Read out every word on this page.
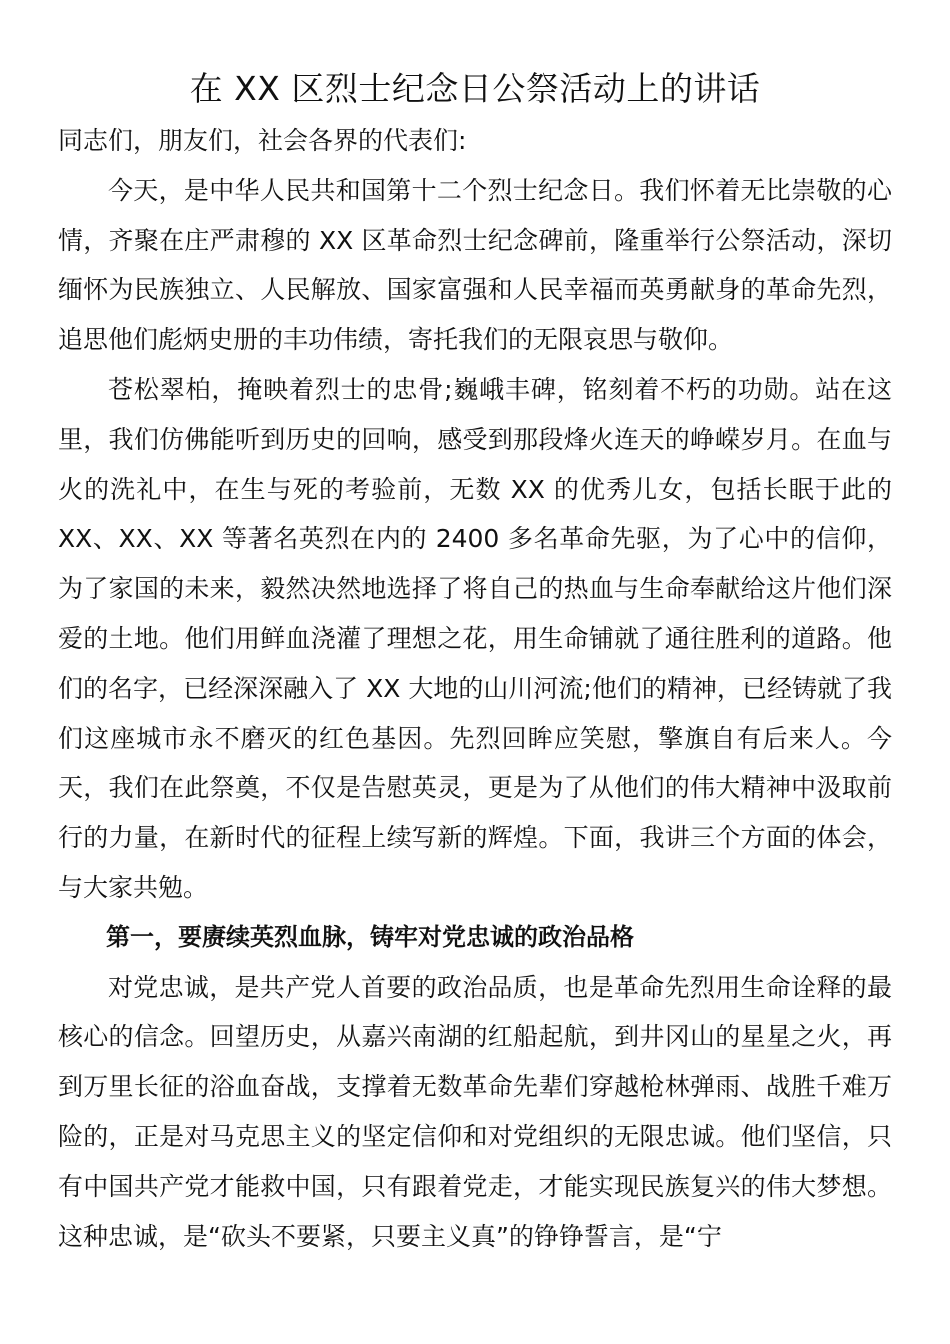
在 XX 区烈士纪念日公祭活动上的讲话

同志们，朋友们，社会各界的代表们:

今天，是中华人民共和国第十二个烈士纪念日。我们怀着无比崇敬的心情，齐聚在庄严肃穆的 XX 区革命烈士纪念碑前，隆重举行公祭活动，深切缅怀为民族独立、人民解放、国家富强和人民幸福而英勇献身的革命先烈，追思他们彪炳史册的丰功伟绩，寄托我们的无限哀思与敬仰。

苍松翠柏，掩映着烈士的忠骨;巍峨丰碑，铭刻着不朽的功勋。站在这里，我们仿佛能听到历史的回响，感受到那段烽火连天的峥嵘岁月。在血与火的洗礼中，在生与死的考验前，无数 XX 的优秀儿女，包括长眠于此的 XX、XX、XX 等著名英烈在内的 2400 多名革命先驱，为了心中的信仰，为了家国的未来，毅然决然地选择了将自己的热血与生命奉献给这片他们深爱的土地。他们用鲜血浇灌了理想之花，用生命铺就了通往胜利的道路。他们的名字，已经深深融入了 XX 大地的山川河流;他们的精神，已经铸就了我们这座城市永不磨灭的红色基因。先烈回眸应笑慰，擎旗自有后来人。今天，我们在此祭奠，不仅是告慰英灵，更是为了从他们的伟大精神中汲取前行的力量，在新时代的征程上续写新的辉煌。下面，我讲三个方面的体会，与大家共勉。

第一，要赓续英烈血脉，铸牢对党忠诚的政治品格

对党忠诚，是共产党人首要的政治品质，也是革命先烈用生命诠释的最核心的信念。回望历史，从嘉兴南湖的红船起航，到井冈山的星星之火，再到万里长征的浴血奋战，支撑着无数革命先辈们穿越枪林弹雨、战胜千难万险的，正是对马克思主义的坚定信仰和对党组织的无限忠诚。他们坚信，只有中国共产党才能救中国，只有跟着党走，才能实现民族复兴的伟大梦想。这种忠诚，是“砍头不要紧，只要主义真”的铮铮誓言，是“宁
